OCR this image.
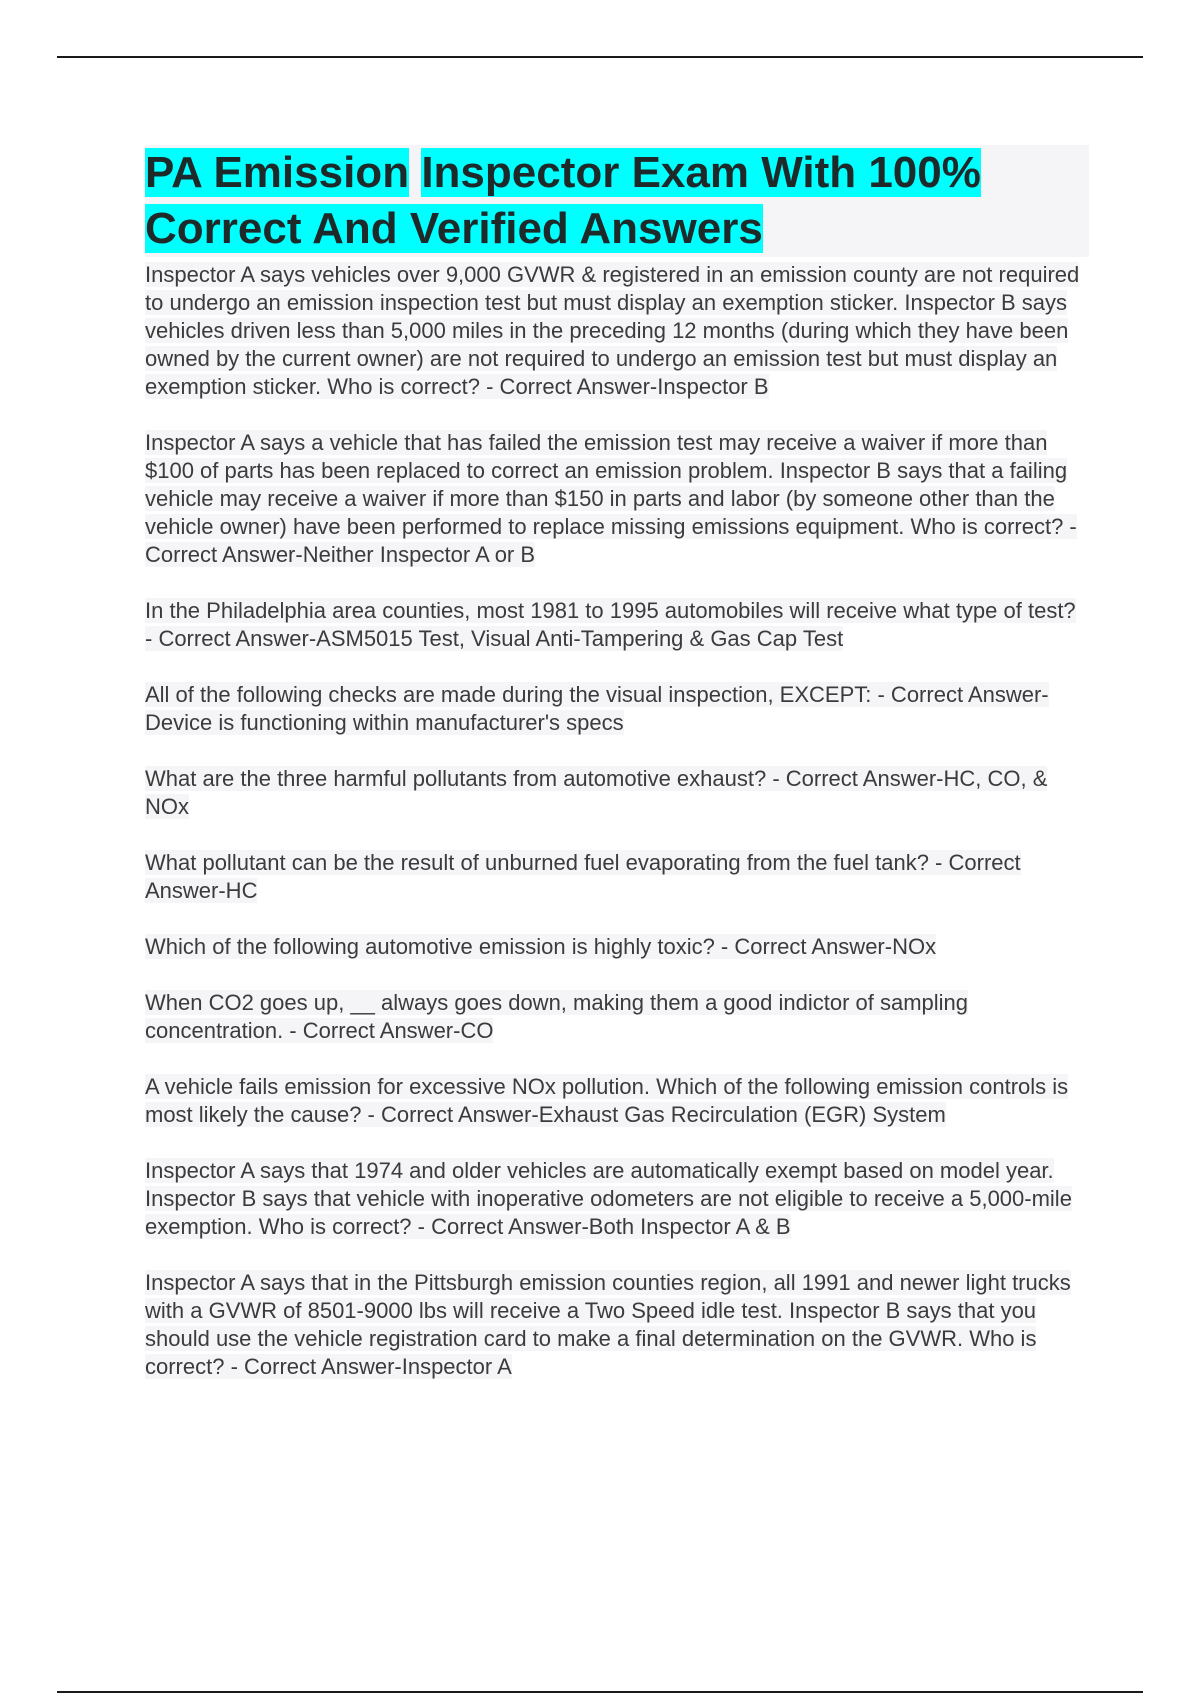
PA Emission Inspector Exam With 100%
Correct And Verified Answers

Inspector A says vehicles over 9,000 GVWR & registered in an emission county are not required to undergo an emission inspection test but must display an exemption sticker. Inspector B says vehicles driven less than 5,000 miles in the preceding 12 months (during which they have been owned by the current owner) are not required to undergo an emission test but must display an exemption sticker. Who is correct? - Correct Answer-Inspector B

Inspector A says a vehicle that has failed the emission test may receive a waiver if more than $100 of parts has been replaced to correct an emission problem. Inspector B says that a failing vehicle may receive a waiver if more than $150 in parts and labor (by someone other than the vehicle owner) have been performed to replace missing emissions equipment. Who is correct? - Correct Answer-Neither Inspector A or B

In the Philadelphia area counties, most 1981 to 1995 automobiles will receive what type of test? - Correct Answer-ASM5015 Test, Visual Anti-Tampering & Gas Cap Test

All of the following checks are made during the visual inspection, EXCEPT: - Correct Answer-Device is functioning within manufacturer's specs

What are the three harmful pollutants from automotive exhaust? - Correct Answer-HC, CO, & NOx

What pollutant can be the result of unburned fuel evaporating from the fuel tank? - Correct Answer-HC

Which of the following automotive emission is highly toxic? - Correct Answer-NOx

When CO2 goes up, __ always goes down, making them a good indictor of sampling concentration. - Correct Answer-CO

A vehicle fails emission for excessive NOx pollution. Which of the following emission controls is most likely the cause? - Correct Answer-Exhaust Gas Recirculation (EGR) System

Inspector A says that 1974 and older vehicles are automatically exempt based on model year. Inspector B says that vehicle with inoperative odometers are not eligible to receive a 5,000-mile exemption. Who is correct? - Correct Answer-Both Inspector A & B

Inspector A says that in the Pittsburgh emission counties region, all 1991 and newer light trucks with a GVWR of 8501-9000 lbs will receive a Two Speed idle test. Inspector B says that you should use the vehicle registration card to make a final determination on the GVWR. Who is correct? - Correct Answer-Inspector A
